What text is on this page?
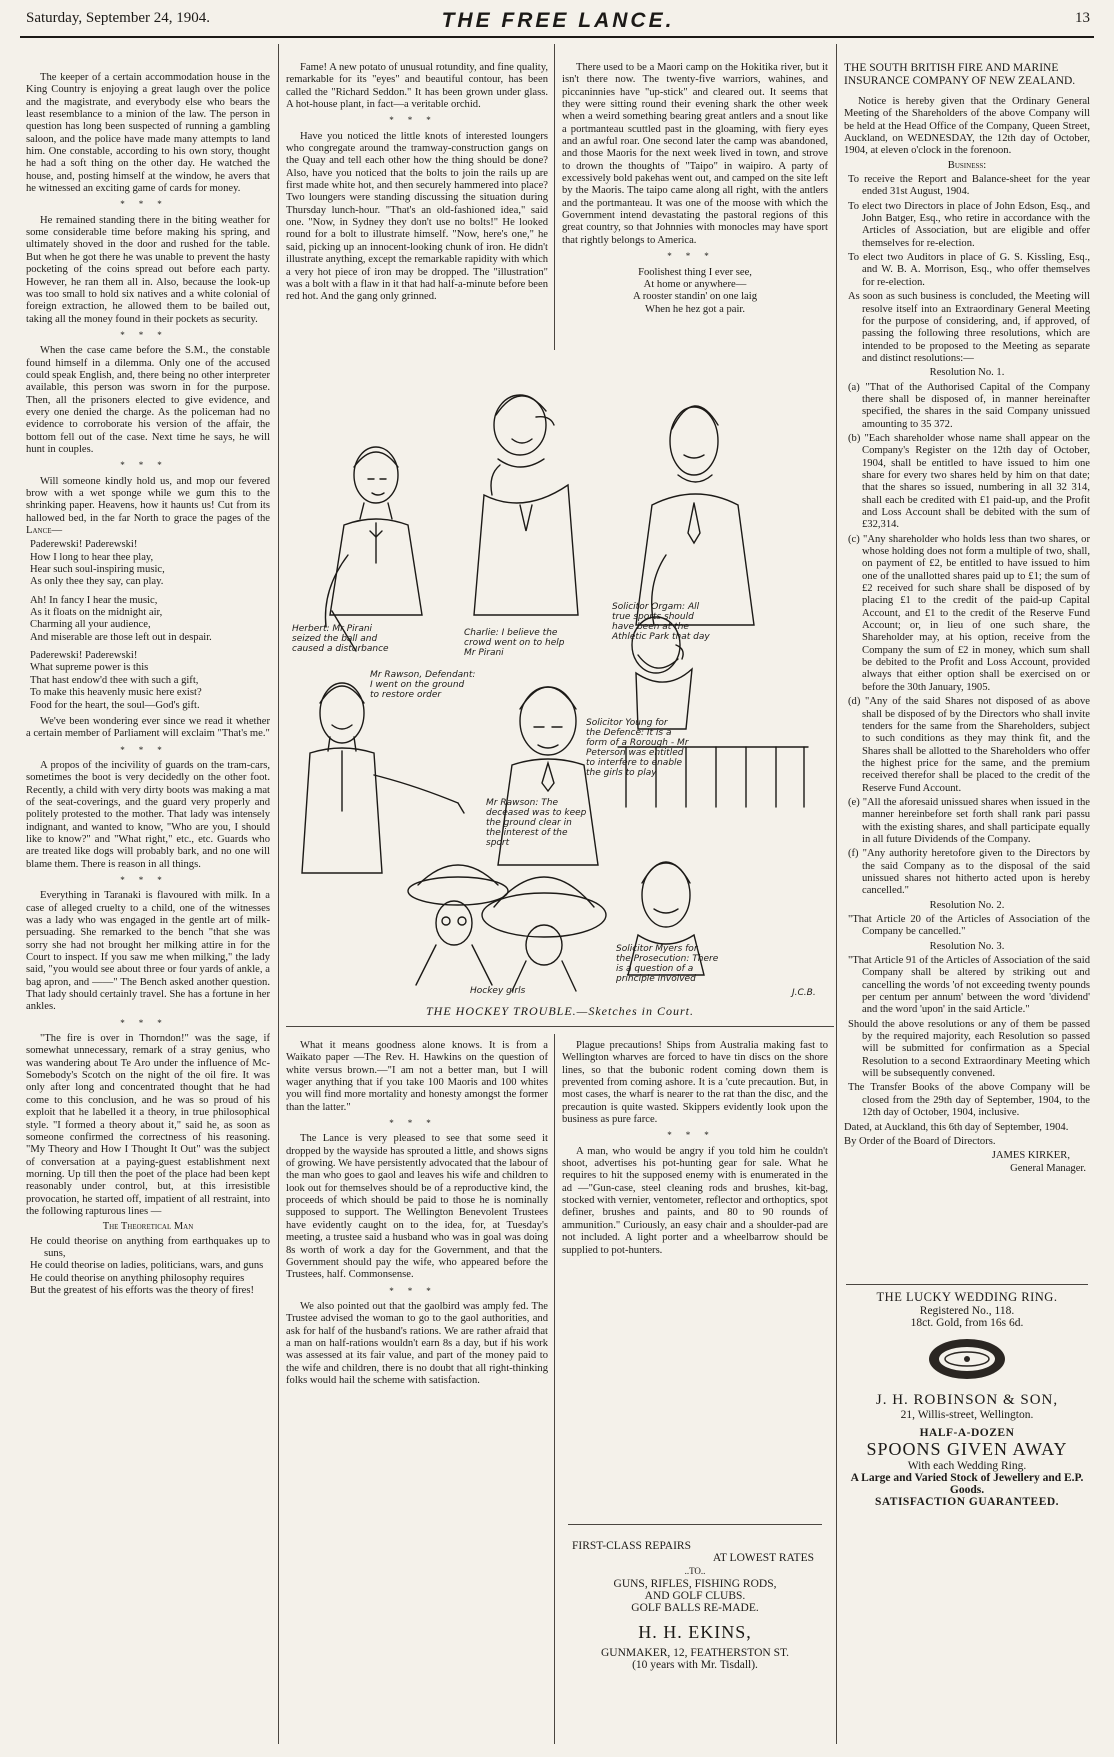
Saturday, September 24, 1904.	THE FREE LANCE.	13

The keeper of a certain accommodation house in the King Country is enjoying a great laugh over the police and the magistrate, and everybody else who bears the least resemblance to a minion of the law. The person in question has long been suspected of running a gambling saloon, and the police have made many attempts to land him. One constable, according to his own story, thought he had a soft thing on the other day. He watched the house, and, posting himself at the window, he avers that he witnessed an exciting game of cards for money.

***

He remained standing there in the biting weather for some considerable time before making his spring, and ultimately shoved in the door and rushed for the table. But when he got there he was unable to prevent the hasty pocketing of the coins spread out before each party. However, he ran them all in. Also, because the look-up was too small to hold six natives and a white colonial of foreign extraction, he allowed them to be bailed out, taking all the money found in their pockets as security.

***

When the case came before the S.M., the constable found himself in a dilemma. Only one of the accused could speak English, and, there being no other interpreter available, this person was sworn in for the purpose. Then, all the prisoners elected to give evidence, and every one denied the charge. As the policeman had no evidence to corroborate his version of the affair, the bottom fell out of the case. Next time he says, he will hunt in couples.

***

Will someone kindly hold us, and mop our fevered brow with a wet sponge while we gum this to the shrinking paper. Heavens, how it haunts us! Cut from its hallowed bed, in the far North to grace the pages of the Lance—

Paderewski! Paderewski!
How I long to hear thee play,
Hear such soul-inspiring music,
As only thee they say, can play.
Ah! In fancy I hear the music,
As it floats on the midnight air,
Charming all your audience,
And miserable are those left out in despair.
Paderewski! Paderewski!
What supreme power is this
That hast endow'd thee with such a gift,
To make this heavenly music here exist?
Food for the heart, the soul—God's gift.

We've been wondering ever since we read it whether a certain member of Parliament will exclaim "That's me."

***

A propos of the incivility of guards on the tram-cars, sometimes the boot is very decidedly on the other foot. Recently, a child with very dirty boots was making a mat of the seat-coverings, and the guard very properly and politely protested to the mother. That lady was intensely indignant, and wanted to know, "Who are you, I should like to know?" and "What right," etc., etc. Guards who are treated like dogs will probably bark, and no one will blame them. There is reason in all things.

***

Everything in Taranaki is flavoured with milk. In a case of alleged cruelty to a child, one of the witnesses was a lady who was engaged in the gentle art of milk-persuading. She remarked to the bench "that she was sorry she had not brought her milking attire in for the Court to inspect. If you saw me when milking," the lady said, "you would see about three or four yards of ankle, a bag apron, and ——" The Bench asked another question. That lady should certainly travel. She has a fortune in her ankles.

***

"The fire is over in Thorndon!" was the sage, if somewhat unnecessary, remark of a stray genius, who was wandering about Te Aro under the influence of Mc-Somebody's Scotch on the night of the oil fire. It was only after long and concentrated thought that he had come to this conclusion, and he was so proud of his exploit that he labelled it a theory, in true philosophical style. "I formed a theory about it," said he, as soon as someone confirmed the correctness of his reasoning. "My Theory and How I Thought It Out" was the subject of conversation at a paying-guest establishment next morning. Up till then the poet of the place had been kept reasonably under control, but, at this irresistible provocation, he started off, impatient of all restraint, into the following rapturous lines —

The Theoretical Man
He could theorise on anything from earthquakes up to suns,
He could theorise on ladies, politicians, wars, and guns
He could theorise on anything philosophy requires
But the greatest of his efforts was the theory of fires!

Fame! A new potato of unusual rotundity, and fine quality, remarkable for its "eyes" and beautiful contour, has been called the "Richard Seddon." It has been grown under glass. A hot-house plant, in fact—a veritable orchid.

***

Have you noticed the little knots of interested loungers who congregate around the tramway-construction gangs on the Quay and tell each other how the thing should be done? Also, have you noticed that the bolts to join the rails up are first made white hot, and then securely hammered into place? Two loungers were standing discussing the situation during Thursday lunch-hour. "That's an old-fashioned idea," said one. "Now, in Sydney they don't use no bolts!" He looked round for a bolt to illustrate himself. "Now, here's one," he said, picking up an innocent-looking chunk of iron. He didn't illustrate anything, except the remarkable rapidity with which a very hot piece of iron may be dropped. The "illustration" was a bolt with a flaw in it that had half-a-minute before been red hot. And the gang only grinned.

There used to be a Maori camp on the Hokitika river, but it isn't there now. The twenty-five warriors, wahines, and piccaninnies have "up-stick" and cleared out. It seems that they were sitting round their evening shark the other week when a weird something bearing great antlers and a snout like a portmanteau scuttled past in the gloaming, with fiery eyes and an awful roar. One second later the camp was abandoned, and those Maoris for the next week lived in town, and strove to drown the thoughts of "Taipo" in waipiro. A party of excessively bold pakehas went out, and camped on the site left by the Maoris. The taipo came along all right, with the antlers and the portmanteau. It was one of the moose with which the Government intend devastating the pastoral regions of this great country, so that Johnnies with monocles may have sport that rightly belongs to America.

***
Foolishest thing I ever see,
At home or anywhere—
A rooster standin' on one laig
When he hez got a pair.
Herbert: Mr Pirani seized the ball and caused a disturbance
Charlie: I believe the crowd went on to help Mr Pirani
Solicitor Orgam: All true sports should have been at the Athletic Park that day
Mr Rawson, Defendant: I went on the ground to restore order
Solicitor Young for the Defence: It is a form of a Rorough - Mr Peterson was entitled to interfere to enable the girls to play
Mr Rawson: The deceased was to keep the ground clear in the interest of the sport
Solicitor Myers for the Prosecution: There is a question of a principle involved
Hockey girls	J.C.B.
THE HOCKEY TROUBLE.—Sketches in Court.

What it means goodness alone knows. It is from a Waikato paper —The Rev. H. Hawkins on the question of white versus brown.—"I am not a better man, but I will wager anything that if you take 100 Maoris and 100 whites you will find more mortality and honesty amongst the former than the latter."

***

The Lance is very pleased to see that some seed it dropped by the wayside has sprouted a little, and shows signs of growing. We have persistently advocated that the labour of the man who goes to gaol and leaves his wife and children to look out for themselves should be of a reproductive kind, the proceeds of which should be paid to those he is nominally supposed to support. The Wellington Benevolent Trustees have evidently caught on to the idea, for, at Tuesday's meeting, a trustee said a husband who was in goal was doing 8s worth of work a day for the Government, and that the Government should pay the wife, who appeared before the Trustees, half. Commonsense.

***

We also pointed out that the gaolbird was amply fed. The Trustee advised the woman to go to the gaol authorities, and ask for half of the husband's rations. We are rather afraid that a man on half-rations wouldn't earn 8s a day, but if his work was assessed at its fair value, and part of the money paid to the wife and children, there is no doubt that all right-thinking folks would hail the scheme with satisfaction.

Plague precautions! Ships from Australia making fast to Wellington wharves are forced to have tin discs on the shore lines, so that the bubonic rodent coming down them is prevented from coming ashore. It is a 'cute precaution. But, in most cases, the wharf is nearer to the rat than the disc, and the precaution is quite wasted. Skippers evidently look upon the business as pure farce.

***

A man, who would be angry if you told him he couldn't shoot, advertises his pot-hunting gear for sale. What he requires to hit the supposed enemy with is enumerated in the ad —"Gun-case, steel cleaning rods and brushes, kit-bag, stocked with vernier, ventometer, reflector and orthoptics, spot definer, brushes and paints, and 80 to 90 rounds of ammunition." Curiously, an easy chair and a shoulder-pad are not included. A light porter and a wheelbarrow should be supplied to pot-hunters.

FIRST-CLASS REPAIRS
AT LOWEST RATES
..TO..
GUNS, RIFLES, FISHING RODS,
AND GOLF CLUBS.
GOLF BALLS RE-MADE.
H. H. EKINS,
GUNMAKER, 12, FEATHERSTON ST.
(10 years with Mr. Tisdall).
THE SOUTH BRITISH FIRE AND MARINE INSURANCE COMPANY OF NEW ZEALAND.

Notice is hereby given that the Ordinary General Meeting of the Shareholders of the above Company will be held at the Head Office of the Company, Queen Street, Auckland, on WEDNESDAY, the 12th day of October, 1904, at eleven o'clock in the forenoon.

Business:
To receive the Report and Balance-sheet for the year ended 31st August, 1904.
To elect two Directors in place of John Edson, Esq., and John Batger, Esq., who retire in accordance with the Articles of Association, but are eligible and offer themselves for re-election.
To elect two Auditors in place of G. S. Kissling, Esq., and W. B. A. Morrison, Esq., who offer themselves for re-election.
As soon as such business is concluded, the Meeting will resolve itself into an Extraordinary General Meeting for the purpose of considering, and, if approved, of passing the following three resolutions, which are intended to be proposed to the Meeting as separate and distinct resolutions:—
Resolution No. 1.
(a) "That of the Authorised Capital of the Company there shall be disposed of, in manner hereinafter specified, the shares in the said Company unissued amounting to 35 372.
(b) "Each shareholder whose name shall appear on the Company's Register on the 12th day of October, 1904, shall be entitled to have issued to him one share for every two shares held by him on that date; that the shares so issued, numbering in all 32 314, shall each be credited with £1 paid-up, and the Profit and Loss Account shall be debited with the sum of £32,314.
(c) "Any shareholder who holds less than two shares, or whose holding does not form a multiple of two, shall, on payment of £2, be entitled to have issued to him one of the unallotted shares paid up to £1; the sum of £2 received for such share shall be disposed of by placing £1 to the credit of the paid-up Capital Account, and £1 to the credit of the Reserve Fund Account; or, in lieu of one such share, the Shareholder may, at his option, receive from the Company the sum of £2 in money, which sum shall be debited to the Profit and Loss Account, provided always that either option shall be exercised on or before the 30th January, 1905.
(d) "Any of the said Shares not disposed of as above shall be disposed of by the Directors who shall invite tenders for the same from the Shareholders, subject to such conditions as they may think fit, and the Shares shall be allotted to the Shareholders who offer the highest price for the same, and the premium received therefor shall be placed to the credit of the Reserve Fund Account.
(e) "All the aforesaid unissued shares when issued in the manner hereinbefore set forth shall rank pari passu with the existing shares, and shall participate equally in all future Dividends of the Company.
(f) "Any authority heretofore given to the Directors by the said Company as to the disposal of the said unissued shares not hitherto acted upon is hereby cancelled."
Resolution No. 2.
"That Article 20 of the Articles of Association of the Company be cancelled."
Resolution No. 3.
"That Article 91 of the Articles of Association of the said Company shall be altered by striking out and cancelling the words 'of not exceeding twenty pounds per centum per annum' between the word 'dividend' and the word 'upon' in the said Article."
Should the above resolutions or any of them be passed by the required majority, each Resolution so passed will be submitted for confirmation as a Special Resolution to a second Extraordinary Meeting which will be subsequently convened.
The Transfer Books of the above Company will be closed from the 29th day of September, 1904, to the 12th day of October, 1904, inclusive.

Dated, at Auckland, this 6th day of September, 1904.

By Order of the Board of Directors.

JAMES KIRKER,
General Manager.
THE LUCKY WEDDING RING.
Registered No., 118.
18ct. Gold, from 16s 6d.
J. H. ROBINSON & SON,
21, Willis-street, Wellington.
HALF-A-DOZEN
SPOONS GIVEN AWAY
With each Wedding Ring.
A Large and Varied Stock of Jewellery and E.P. Goods.
SATISFACTION GUARANTEED.
